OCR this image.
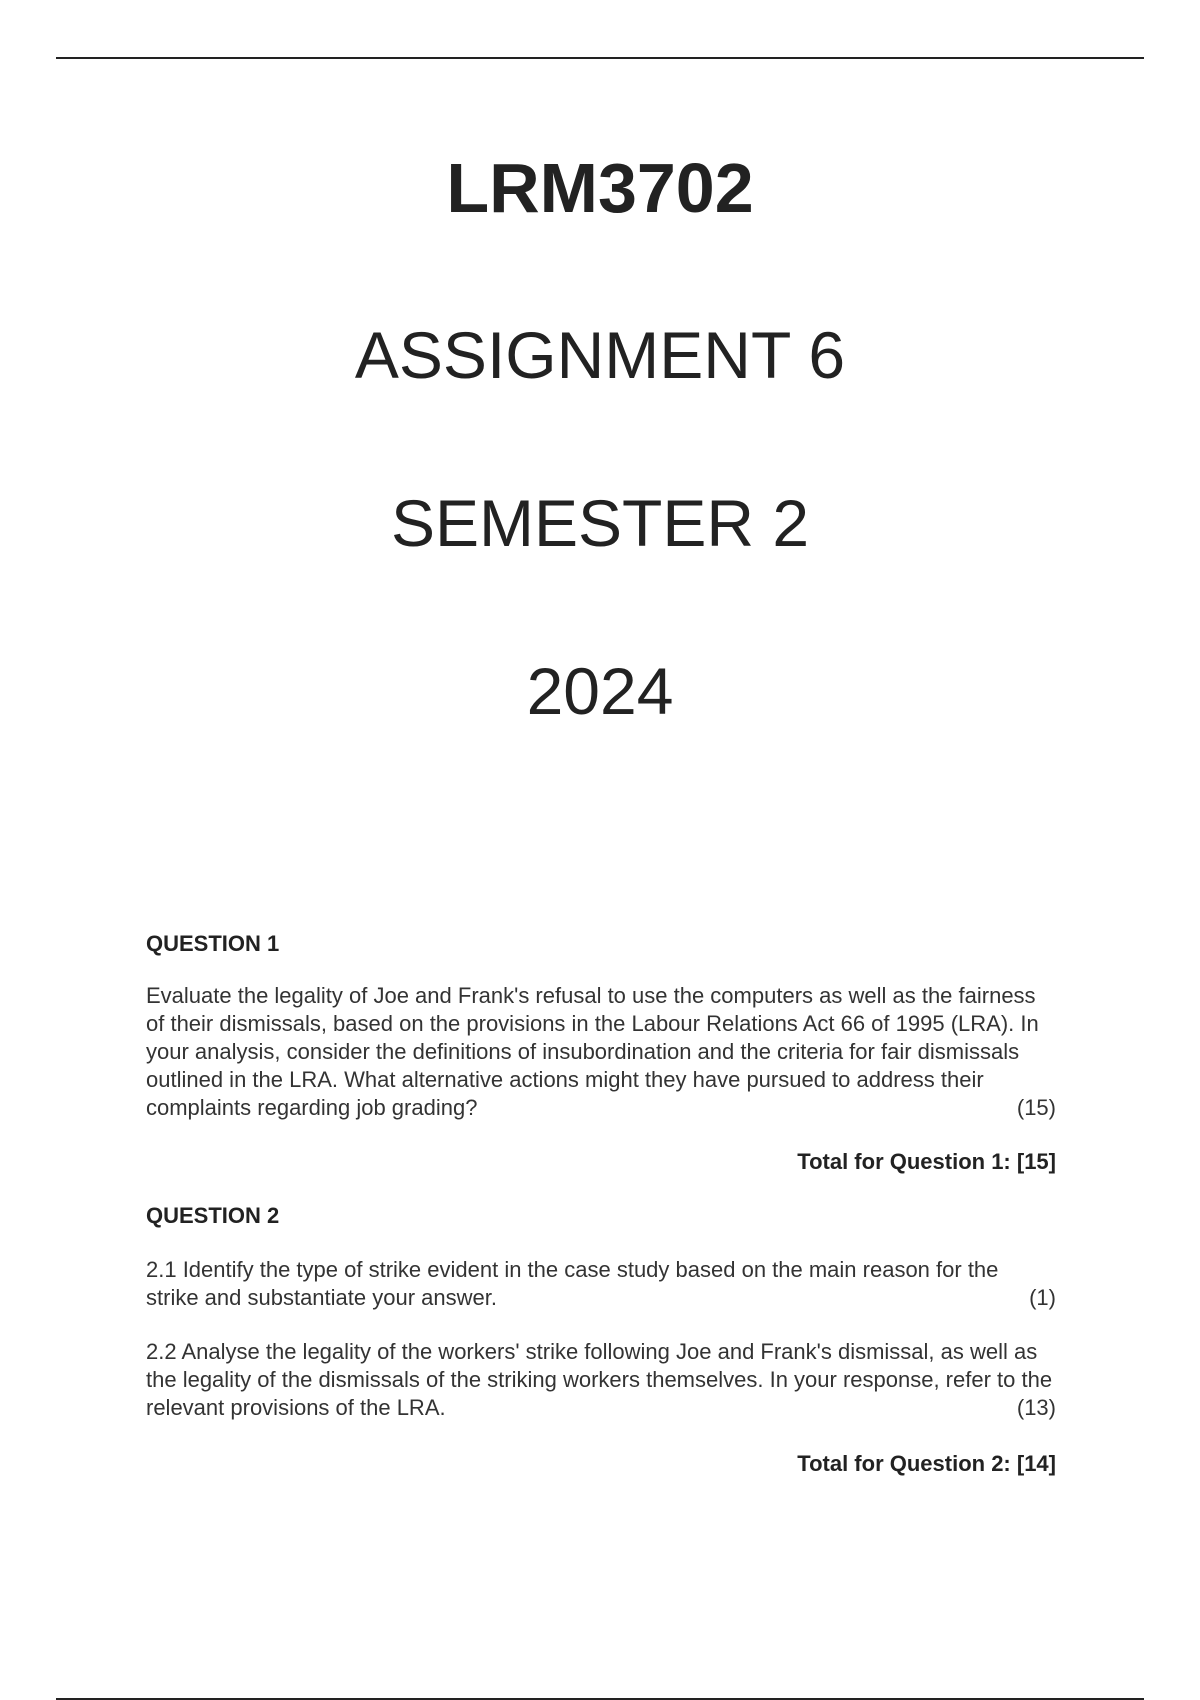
LRM3702
ASSIGNMENT 6
SEMESTER 2
2024

QUESTION 1

Evaluate the legality of Joe and Frank's refusal to use the computers as well as the fairness of their dismissals, based on the provisions in the Labour Relations Act 66 of 1995 (LRA). In your analysis, consider the definitions of insubordination and the criteria for fair dismissals outlined in the LRA. What alternative actions might they have pursued to address their complaints regarding job grading?	(15)

Total for Question 1: [15]

QUESTION 2

2.1 Identify the type of strike evident in the case study based on the main reason for the strike and substantiate your answer.	(1)

2.2 Analyse the legality of the workers' strike following Joe and Frank's dismissal, as well as the legality of the dismissals of the striking workers themselves. In your response, refer to the relevant provisions of the LRA.	(13)

Total for Question 2: [14]
